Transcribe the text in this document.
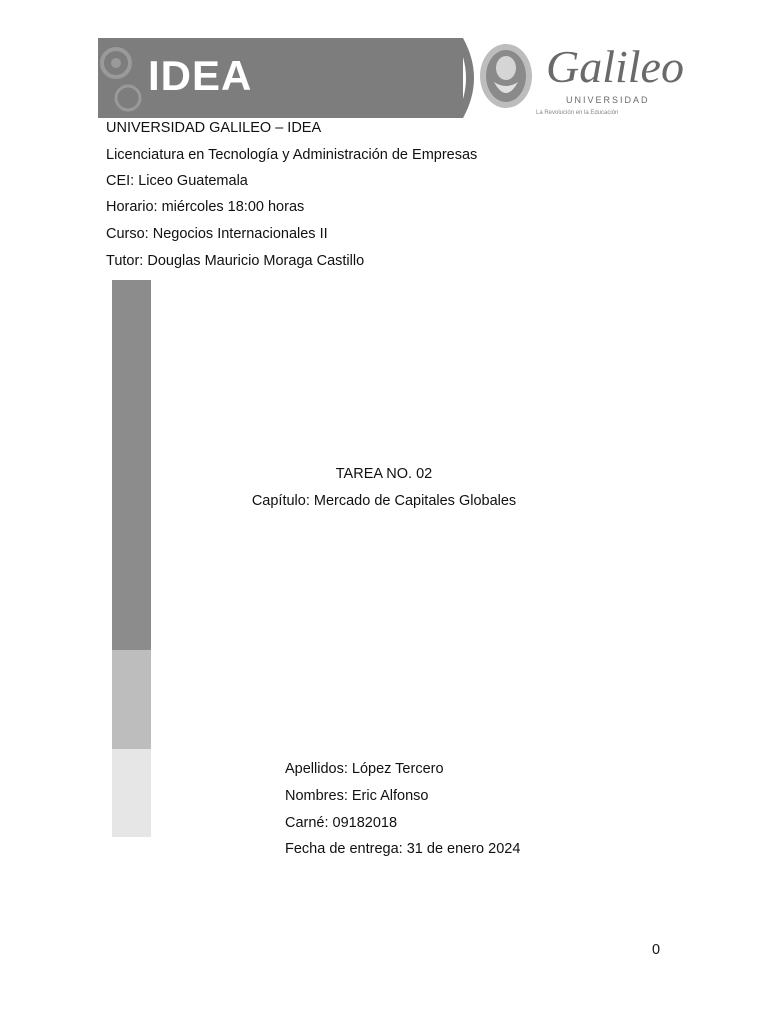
IDEA	Galileo
UNIVERSIDAD
La Revolución en la Educación
UNIVERSIDAD GALILEO – IDEA
Licenciatura en Tecnología y Administración de Empresas
CEI: Liceo Guatemala
Horario: miércoles 18:00 horas
Curso: Negocios Internacionales II
Tutor: Douglas Mauricio Moraga Castillo
TAREA NO. 02
Capítulo: Mercado de Capitales Globales
Apellidos: López Tercero
Nombres: Eric Alfonso
Carné: 09182018
Fecha de entrega: 31 de enero 2024
0
